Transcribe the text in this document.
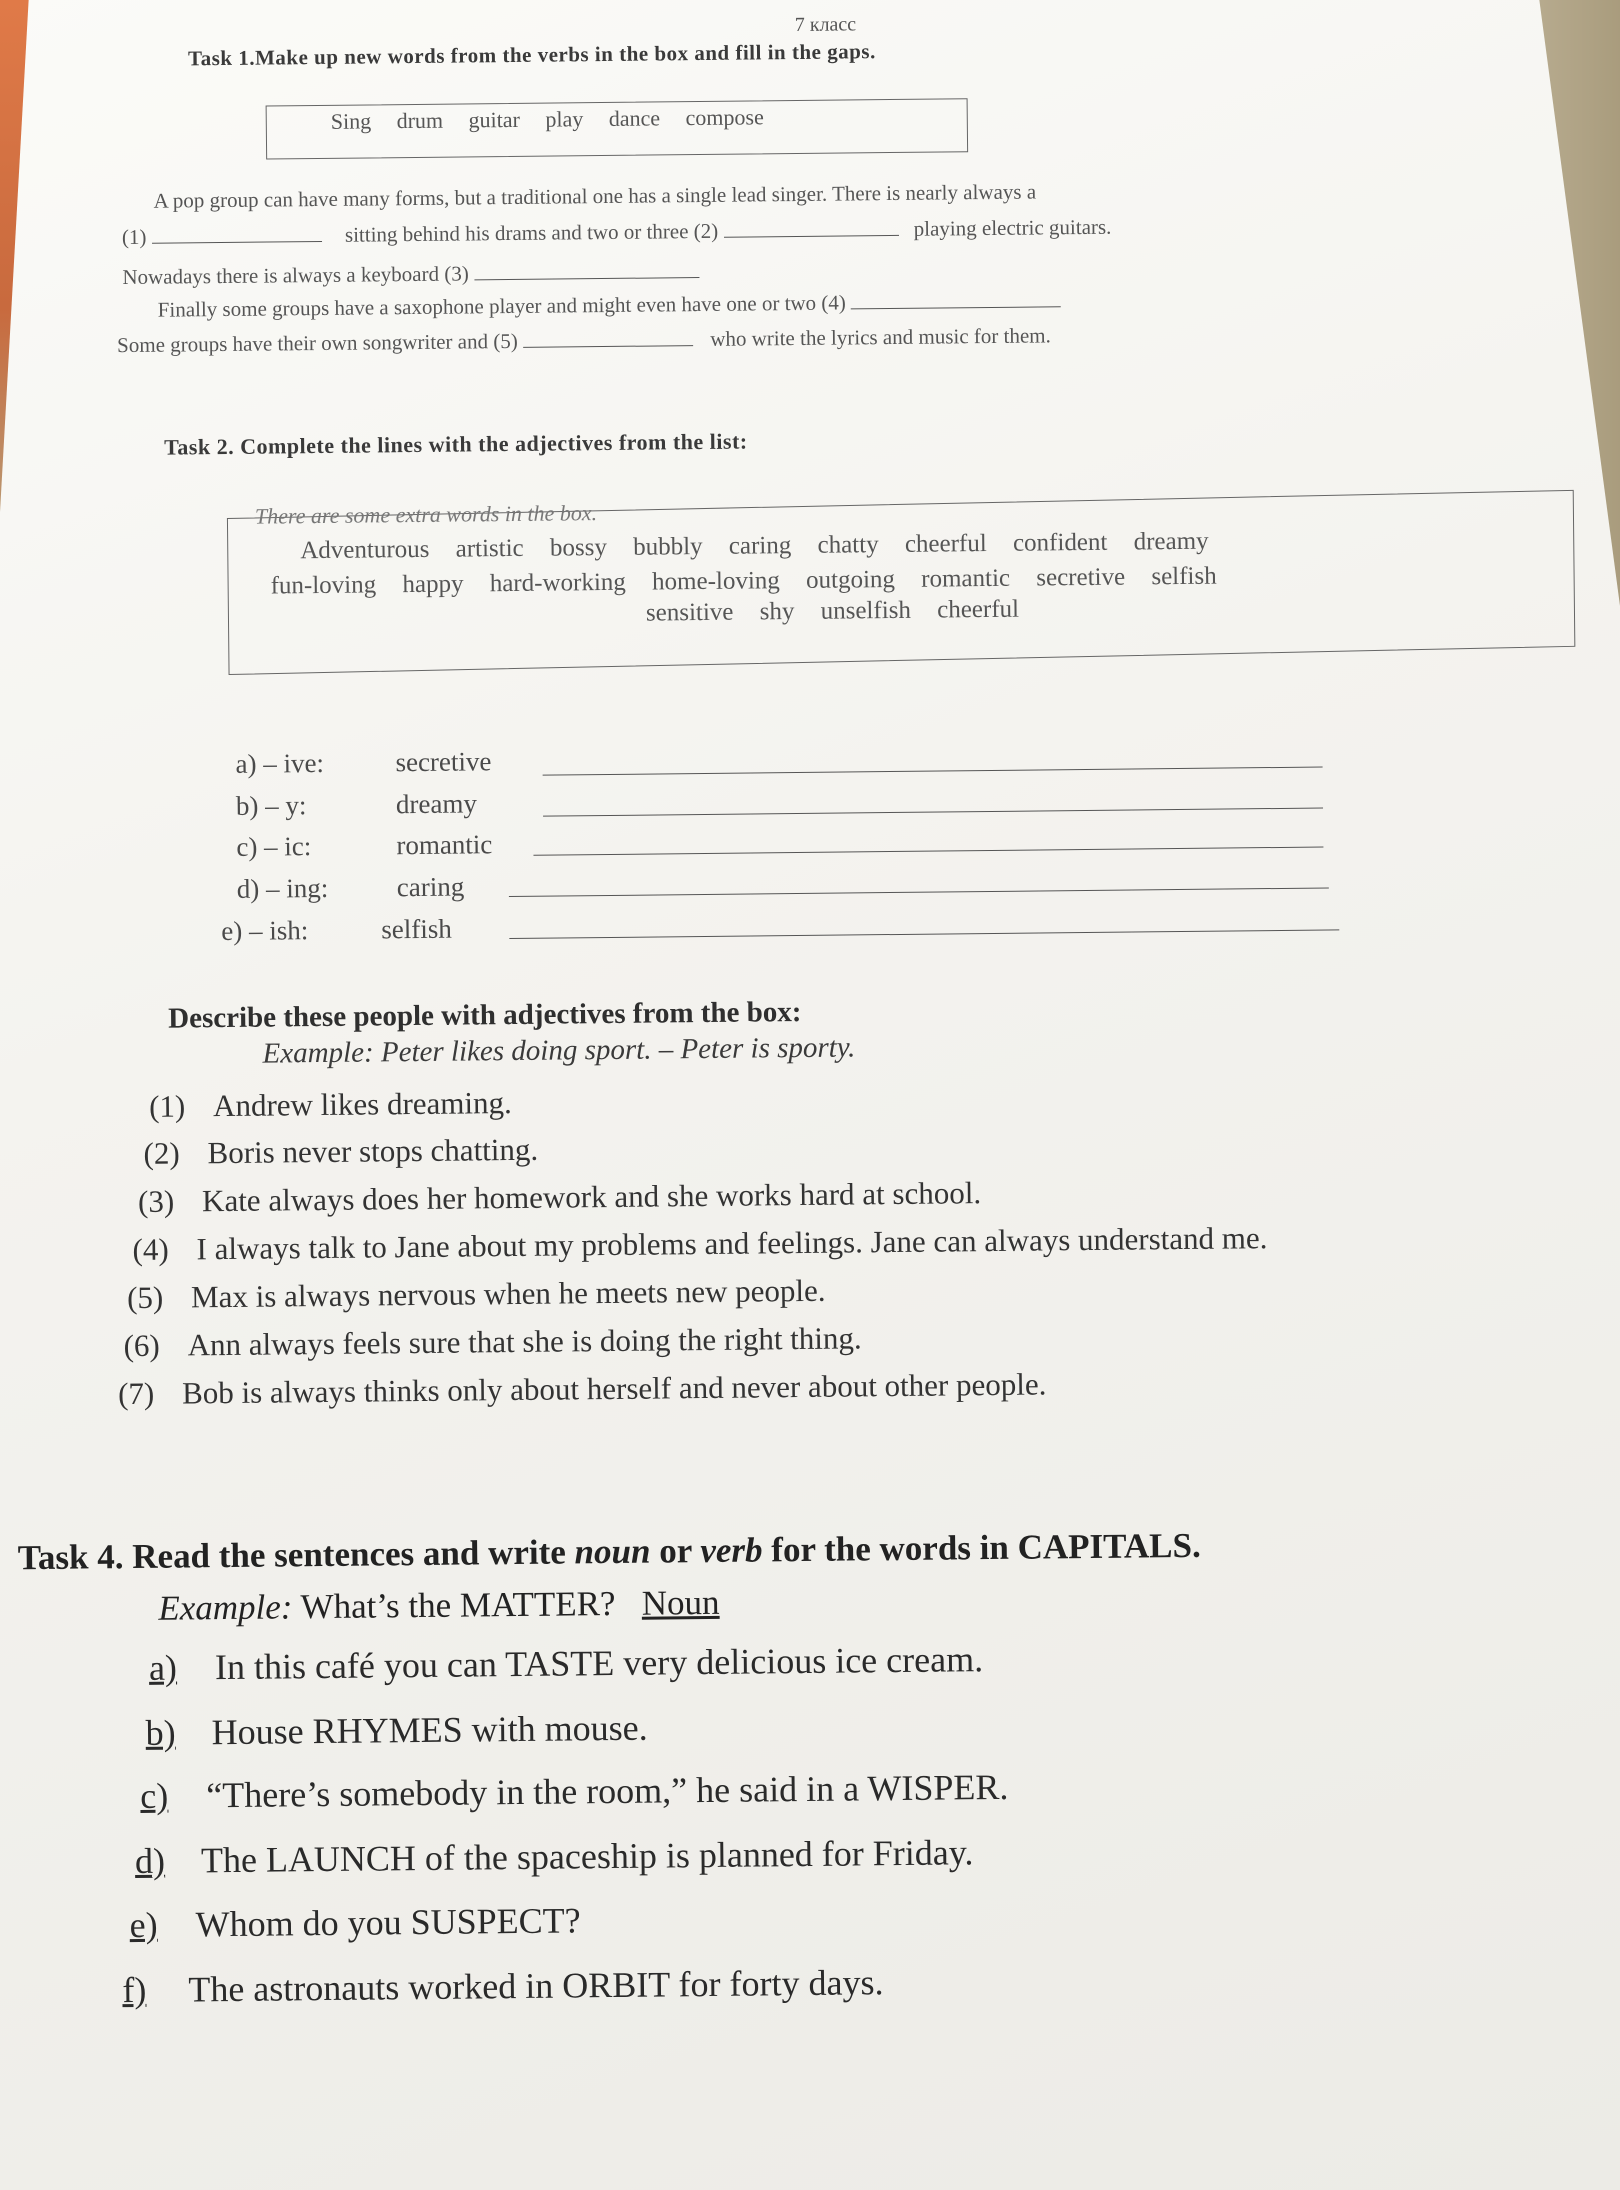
7 класс
Task 1.Make up new words from the verbs in the box and fill in the gaps.
Sing drum guitar play dance compose
A pop group can have many forms, but a traditional one has a single lead singer. There is nearly always a
(1)	sitting behind his drams and two or three (2)	playing electric guitars.
Nowadays there is always a keyboard (3)
Finally some groups have a saxophone player and might even have one or two (4)
Some groups have their own songwriter and (5)	who write the lyrics and music for them.
Task 2. Complete the lines with the adjectives from the list:
There are some extra words in the box.
Adventurous artistic bossy bubbly caring chatty cheerful confident dreamy
fun-loving happy hard-working home-loving outgoing romantic secretive selfish
sensitive shy unselfish cheerful
a) – ive:	secretive
b) – y:	dreamy
c) – ic:	romantic
d) – ing:	caring
e) – ish:	selfish
Describe these people with adjectives from the box:
Example: Peter likes doing sport. – Peter is sporty.
(1) Andrew likes dreaming.
(2) Boris never stops chatting.
(3) Kate always does her homework and she works hard at school.
(4) I always talk to Jane about my problems and feelings. Jane can always understand me.
(5) Max is always nervous when he meets new people.
(6) Ann always feels sure that she is doing the right thing.
(7) Bob is always thinks only about herself and never about other people.
Task 4. Read the sentences and write noun or verb for the words in CAPITALS.
Example: What’s the MATTER? Noun
a) In this café you can TASTE very delicious ice cream.
b) House RHYMES with mouse.
c) “There’s somebody in the room,” he said in a WISPER.
d) The LAUNCH of the spaceship is planned for Friday.
e) Whom do you SUSPECT?
f) The astronauts worked in ORBIT for forty days.
